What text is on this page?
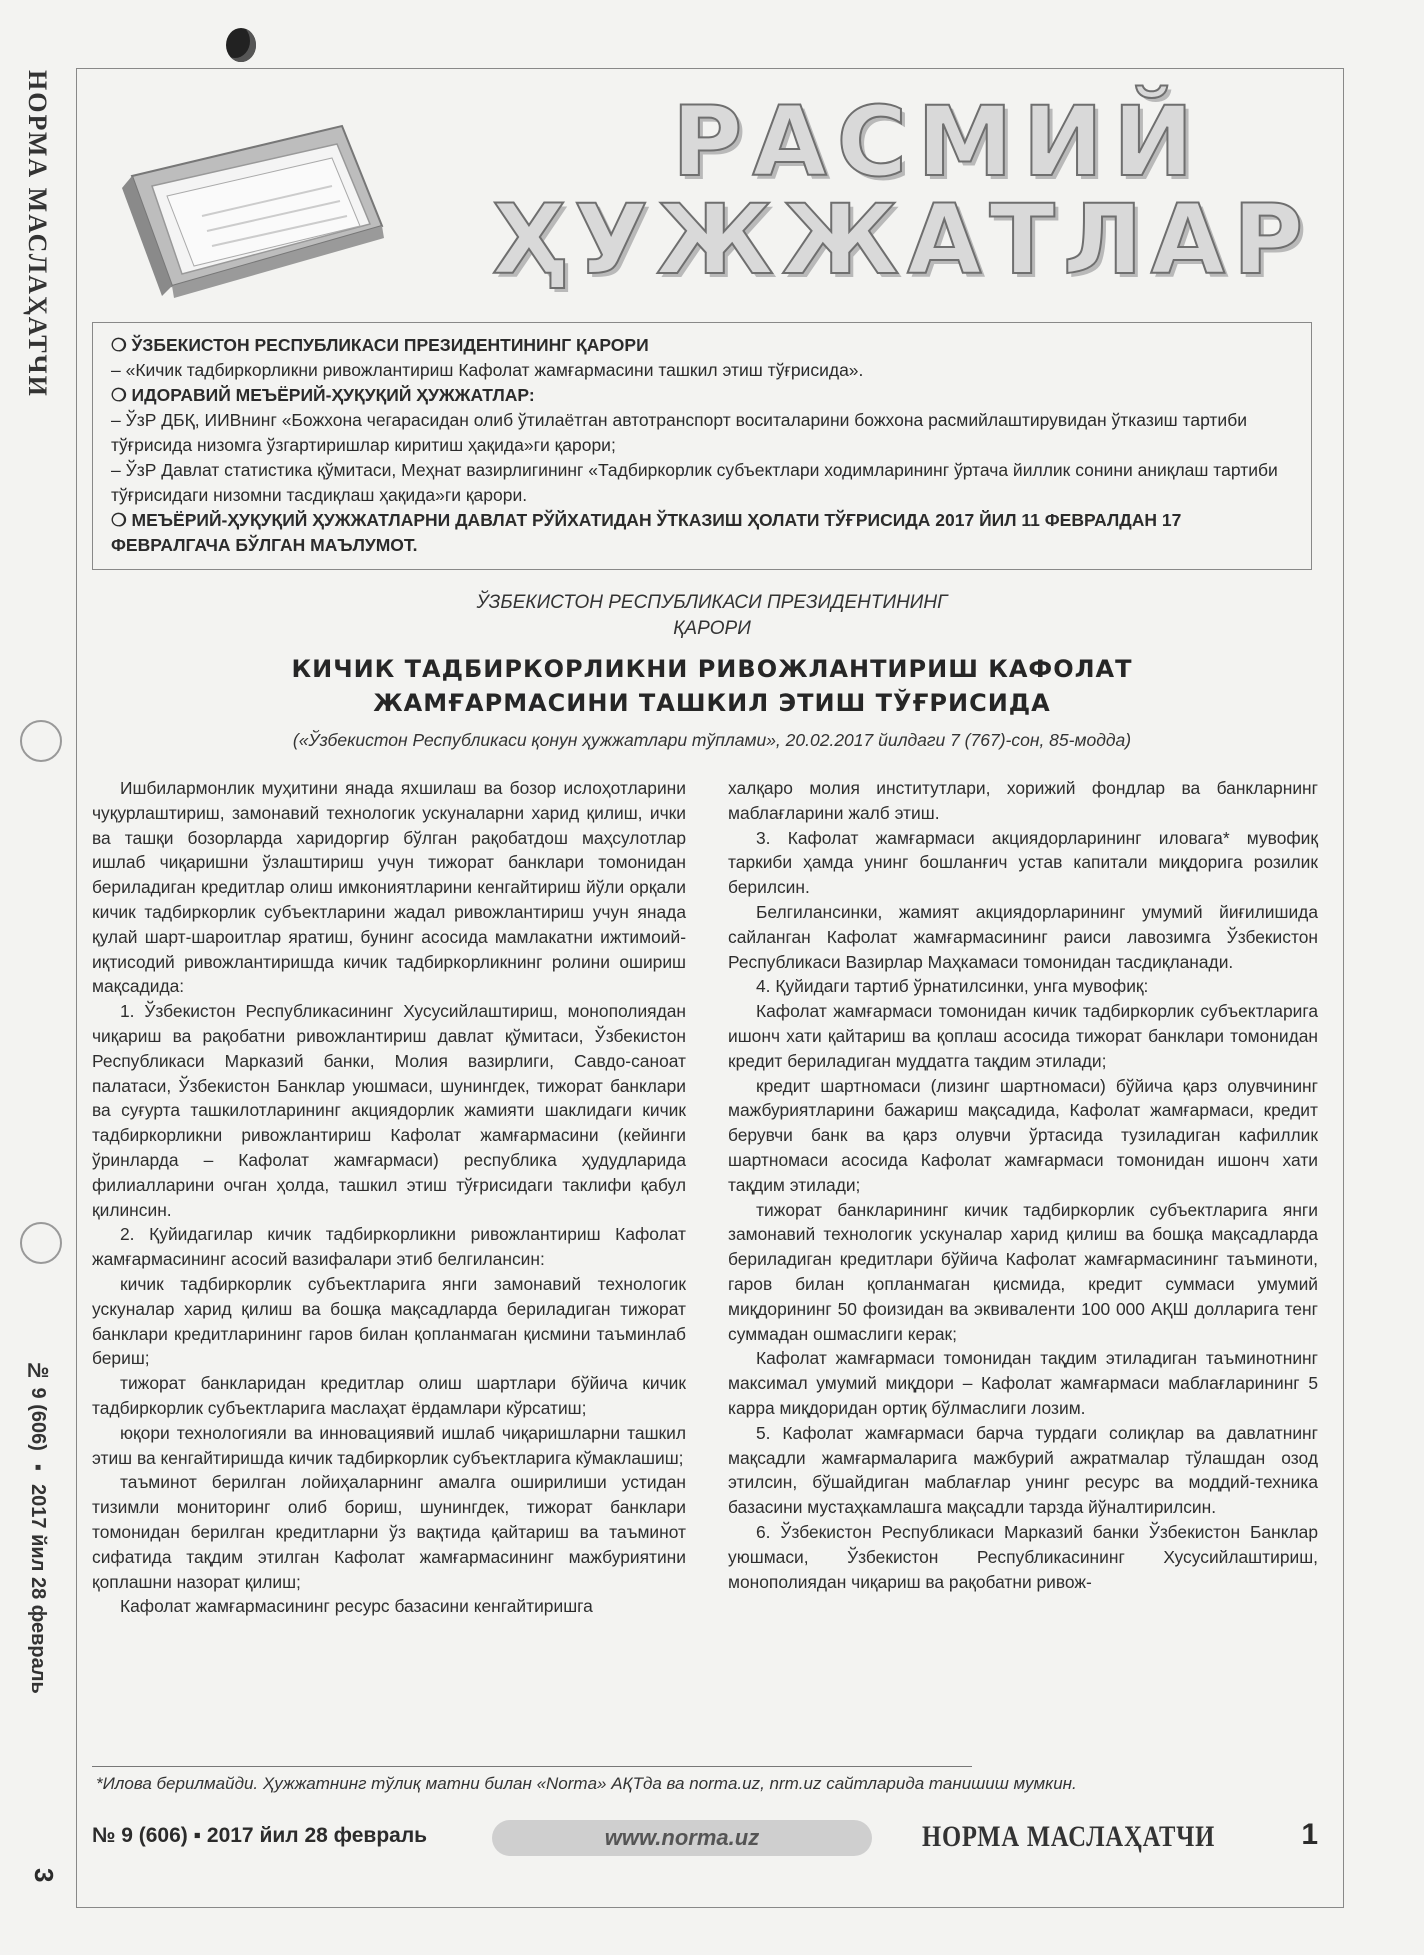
НОРМА МАСЛАҲАТЧИ
№ 9 (606) ▪ 2017 йил 28 февраль
3
РАСМИЙ
ҲУЖЖАТЛАР

❍ ЎЗБЕКИСТОН РЕСПУБЛИКАСИ ПРЕЗИДЕНТИНИНГ ҚАРОРИ

– «Кичик тадбиркорликни ривожлантириш Кафолат жамғармасини ташкил этиш тўғрисида».

❍ ИДОРАВИЙ МЕЪЁРИЙ-ҲУҚУҚИЙ ҲУЖЖАТЛАР:

– ЎзР ДБҚ, ИИВнинг «Божхона чегарасидан олиб ўтилаётган автотранспорт воситаларини божхона расмийлаштирувидан ўтказиш тартиби тўғрисида низомга ўзгартиришлар киритиш ҳақида»ги қарори;

– ЎзР Давлат статистика қўмитаси, Меҳнат вазирлигининг «Тадбиркорлик субъектлари ходимларининг ўртача йиллик сонини аниқлаш тартиби тўғрисидаги низомни тасдиқлаш ҳақида»ги қарори.

❍ МЕЪЁРИЙ-ҲУҚУҚИЙ ҲУЖЖАТЛАРНИ ДАВЛАТ РЎЙХАТИДАН ЎТКАЗИШ ҲОЛАТИ ТЎҒРИСИДА 2017 ЙИЛ 11 ФЕВРАЛДАН 17 ФЕВРАЛГАЧА БЎЛГАН МАЪЛУМОТ.

ЎЗБЕКИСТОН РЕСПУБЛИКАСИ ПРЕЗИДЕНТИНИНГ
ҚАРОРИ
КИЧИК ТАДБИРКОРЛИКНИ РИВОЖЛАНТИРИШ КАФОЛАТ
ЖАМҒАРМАСИНИ ТАШКИЛ ЭТИШ ТЎҒРИСИДА
(«Ўзбекистон Республикаси қонун ҳужжатлари тўплами», 20.02.2017 йилдаги 7 (767)-сон, 85-модда)

Ишбилармонлик муҳитини янада яхшилаш ва бозор ислоҳотларини чуқурлаштириш, замонавий технологик ускуналарни харид қилиш, ички ва ташқи бозорларда харидоргир бўлган рақобатдош маҳсулотлар ишлаб чиқаришни ўзлаштириш учун тижорат банклари томонидан бериладиган кредитлар олиш имкониятларини кенгайтириш йўли орқали кичик тадбиркорлик субъектларини жадал ривожлантириш учун янада қулай шарт-шароитлар яратиш, бунинг асосида мамлакатни ижтимоий-иқтисодий ривожлантиришда кичик тадбиркорликнинг ролини ошириш мақсадида:

1. Ўзбекистон Республикасининг Хусусийлаштириш, монополиядан чиқариш ва рақобатни ривожлантириш давлат қўмитаси, Ўзбекистон Республикаси Марказий банки, Молия вазирлиги, Савдо-саноат палатаси, Ўзбекистон Банклар уюшмаси, шунингдек, тижорат банклари ва суғурта ташкилотларининг акциядорлик жамияти шаклидаги кичик тадбиркорликни ривожлантириш Кафолат жамғармасини (кейинги ўринларда – Кафолат жамғармаси) республика ҳудудларида филиалларини очган ҳолда, ташкил этиш тўғрисидаги таклифи қабул қилинсин.

2. Қуйидагилар кичик тадбиркорликни ривожлантириш Кафолат жамғармасининг асосий вазифалари этиб белгилансин:

кичик тадбиркорлик субъектларига янги замонавий технологик ускуналар харид қилиш ва бошқа мақсадларда бериладиган тижорат банклари кредитларининг гаров билан қопланмаган қисмини таъминлаб бериш;

тижорат банкларидан кредитлар олиш шартлари бўйича кичик тадбиркорлик субъектларига маслаҳат ёрдамлари кўрсатиш;

юқори технологияли ва инновациявий ишлаб чиқаришларни ташкил этиш ва кенгайтиришда кичик тадбиркорлик субъектларига кўмаклашиш;

таъминот берилган лойиҳаларнинг амалга оширилиши устидан тизимли мониторинг олиб бориш, шунингдек, тижорат банклари томонидан берилган кредитларни ўз вақтида қайтариш ва таъминот сифатида тақдим этилган Кафолат жамғармасининг мажбуриятини қоплашни назорат қилиш;

Кафолат жамғармасининг ресурс базасини кенгайтиришга

халқаро молия институтлари, хорижий фондлар ва банкларнинг маблағларини жалб этиш.

3. Кафолат жамғармаси акциядорларининг иловага* мувофиқ таркиби ҳамда унинг бошланғич устав капитали миқдорига розилик берилсин.

Белгилансинки, жамият акциядорларининг умумий йиғилишида сайланган Кафолат жамғармасининг раиси лавозимга Ўзбекистон Республикаси Вазирлар Маҳкамаси томонидан тасдиқланади.

4. Қуйидаги тартиб ўрнатилсинки, унга мувофиқ:

Кафолат жамғармаси томонидан кичик тадбиркорлик субъектларига ишонч хати қайтариш ва қоплаш асосида тижорат банклари томонидан кредит бериладиган муддатга тақдим этилади;

кредит шартномаси (лизинг шартномаси) бўйича қарз олувчининг мажбуриятларини бажариш мақсадида, Кафолат жамғармаси, кредит берувчи банк ва қарз олувчи ўртасида тузиладиган кафиллик шартномаси асосида Кафолат жамғармаси томонидан ишонч хати тақдим этилади;

тижорат банкларининг кичик тадбиркорлик субъектларига янги замонавий технологик ускуналар харид қилиш ва бошқа мақсадларда бериладиган кредитлари бўйича Кафолат жамғармасининг таъминоти, гаров билан қопланмаган қисмида, кредит суммаси умумий миқдорининг 50 фоизидан ва эквиваленти 100 000 АҚШ долларига тенг суммадан ошмаслиги керак;

Кафолат жамғармаси томонидан тақдим этиладиган таъминотнинг максимал умумий миқдори – Кафолат жамғармаси маблағларининг 5 карра миқдоридан ортиқ бўлмаслиги лозим.

5. Кафолат жамғармаси барча турдаги солиқлар ва давлатнинг мақсадли жамғармаларига мажбурий ажратмалар тўлашдан озод этилсин, бўшайдиган маблағлар унинг ресурс ва моддий-техника базасини мустаҳкамлашга мақсадли тарзда йўналтирилсин.

6. Ўзбекистон Республикаси Марказий банки Ўзбекистон Банклар уюшмаси, Ўзбекистон Республикасининг Хусусийлаштириш, монополиядан чиқариш ва рақобатни ривож-

*Илова берилмайди. Ҳужжатнинг тўлиқ матни билан «Norma» АҚТда ва norma.uz, nrm.uz сайтларида танишиш мумкин.
№ 9 (606) ▪ 2017 йил 28 февраль	www.norma.uz	НОРМА МАСЛАҲАТЧИ	1
